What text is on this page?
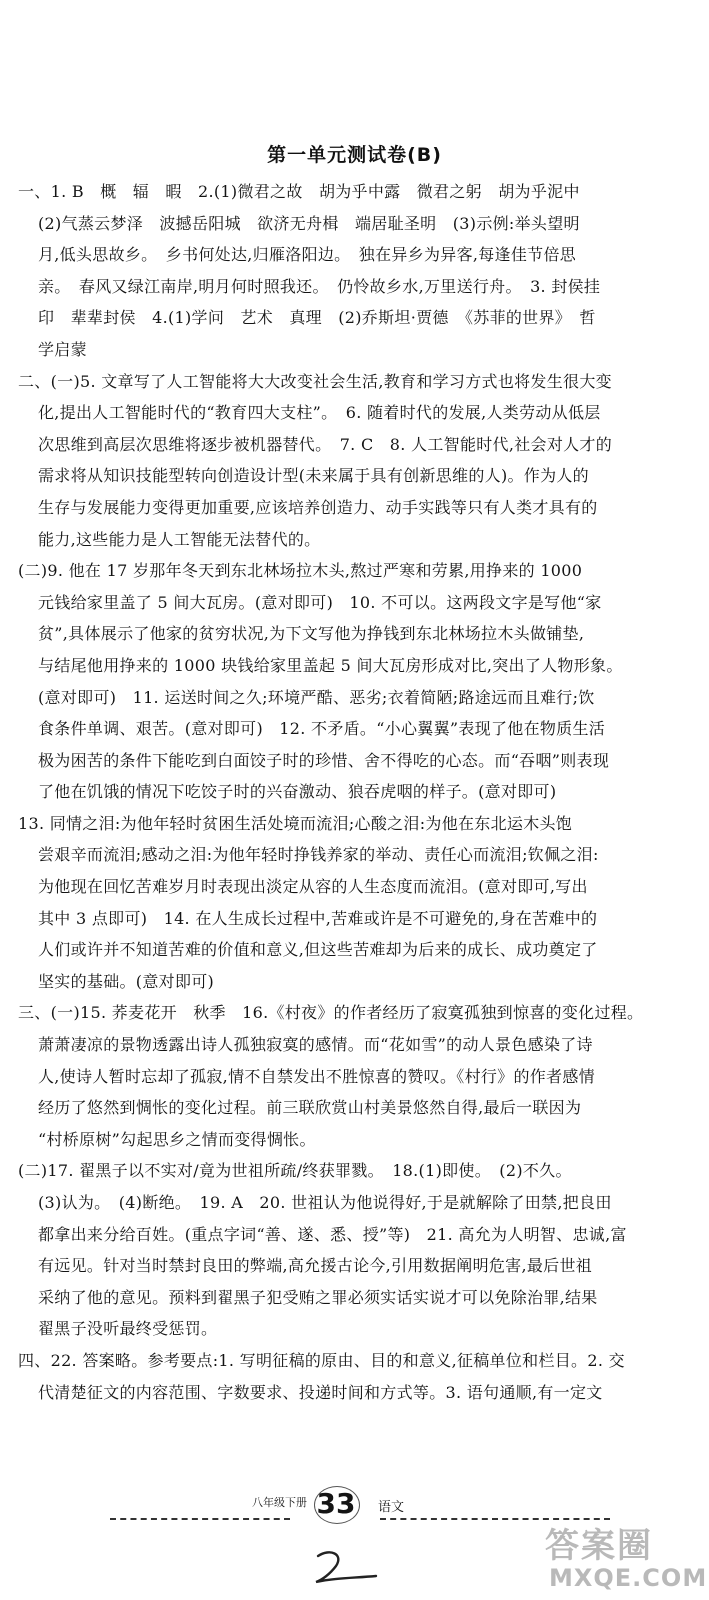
第一单元测试卷(B)
一、1. B　概　辐　暇　2.(1)微君之故　胡为乎中露　微君之躬　胡为乎泥中
(2)气蒸云梦泽　波撼岳阳城　欲济无舟楫　端居耻圣明　(3)示例:举头望明
月,低头思故乡。　乡书何处达,归雁洛阳边。　独在异乡为异客,每逢佳节倍思
亲。　春风又绿江南岸,明月何时照我还。　仍怜故乡水,万里送行舟。　3. 封侯挂
印　辈辈封侯　4.(1)学问　艺术　真理　(2)乔斯坦·贾德　《苏菲的世界》　哲
学启蒙
二、(一)5. 文章写了人工智能将大大改变社会生活,教育和学习方式也将发生很大变
化,提出人工智能时代的“教育四大支柱”。　6. 随着时代的发展,人类劳动从低层
次思维到高层次思维将逐步被机器替代。　7. C　8. 人工智能时代,社会对人才的
需求将从知识技能型转向创造设计型(未来属于具有创新思维的人)。作为人的
生存与发展能力变得更加重要,应该培养创造力、动手实践等只有人类才具有的
能力,这些能力是人工智能无法替代的。
(二)9. 他在 17 岁那年冬天到东北林场拉木头,熬过严寒和劳累,用挣来的 1000
元钱给家里盖了 5 间大瓦房。(意对即可)　10. 不可以。这两段文字是写他“家
贫”,具体展示了他家的贫穷状况,为下文写他为挣钱到东北林场拉木头做铺垫,
与结尾他用挣来的 1000 块钱给家里盖起 5 间大瓦房形成对比,突出了人物形象。
(意对即可)　11. 运送时间之久;环境严酷、恶劣;衣着简陋;路途远而且难行;饮
食条件单调、艰苦。(意对即可)　12. 不矛盾。“小心翼翼”表现了他在物质生活
极为困苦的条件下能吃到白面饺子时的珍惜、舍不得吃的心态。而“吞咽”则表现
了他在饥饿的情况下吃饺子时的兴奋激动、狼吞虎咽的样子。(意对即可)
13. 同情之泪:为他年轻时贫困生活处境而流泪;心酸之泪:为他在东北运木头饱
尝艰辛而流泪;感动之泪:为他年轻时挣钱养家的举动、责任心而流泪;钦佩之泪:
为他现在回忆苦难岁月时表现出淡定从容的人生态度而流泪。(意对即可,写出
其中 3 点即可)　14. 在人生成长过程中,苦难或许是不可避免的,身在苦难中的
人们或许并不知道苦难的价值和意义,但这些苦难却为后来的成长、成功奠定了
坚实的基础。(意对即可)
三、(一)15. 荞麦花开　秋季　16.《村夜》的作者经历了寂寞孤独到惊喜的变化过程。
萧萧凄凉的景物透露出诗人孤独寂寞的感情。而“花如雪”的动人景色感染了诗
人,使诗人暂时忘却了孤寂,情不自禁发出不胜惊喜的赞叹。《村行》的作者感情
经历了悠然到惆怅的变化过程。前三联欣赏山村美景悠然自得,最后一联因为
“村桥原树”勾起思乡之情而变得惆怅。
(二)17. 翟黑子以不实对/竟为世祖所疏/终获罪戮。　18.(1)即使。　(2)不久。
(3)认为。　(4)断绝。　19. A　20. 世祖认为他说得好,于是就解除了田禁,把良田
都拿出来分给百姓。(重点字词“善、遂、悉、授”等)　21. 高允为人明智、忠诚,富
有远见。针对当时禁封良田的弊端,高允援古论今,引用数据阐明危害,最后世祖
采纳了他的意见。预料到翟黑子犯受贿之罪必须实话实说才可以免除治罪,结果
翟黑子没听最终受惩罚。
四、22. 答案略。参考要点:1. 写明征稿的原由、目的和意义,征稿单位和栏目。2. 交
代清楚征文的内容范围、字数要求、投递时间和方式等。3. 语句通顺,有一定文
八年级下册 33	语文
答案圈
MXQE.COM
